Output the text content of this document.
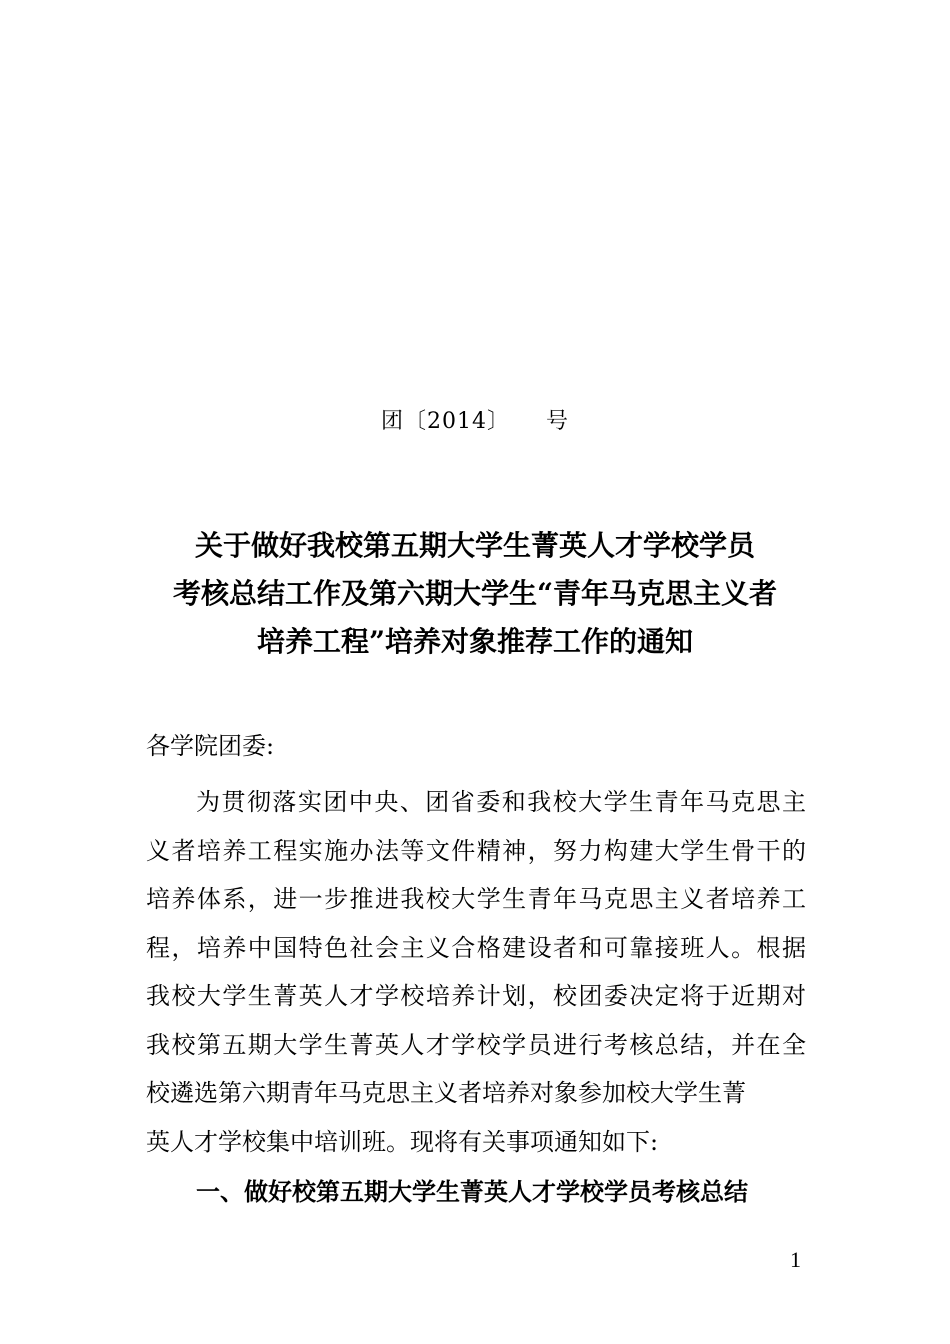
团〔2014〕 号
关于做好我校第五期大学生菁英人才学校学员
考核总结工作及第六期大学生“青年马克思主义者
培养工程”培养对象推荐工作的通知
各学院团委:
为贯彻落实团中央、团省委和我校大学生青年马克思主
义者培养工程实施办法等文件精神，努力构建大学生骨干的
培养体系，进一步推进我校大学生青年马克思主义者培养工
程，培养中国特色社会主义合格建设者和可靠接班人。根据
我校大学生菁英人才学校培养计划，校团委决定将于近期对
我校第五期大学生菁英人才学校学员进行考核总结，并在全
校遴选第六期青年马克思主义者培养对象参加校大学生菁
英人才学校集中培训班。现将有关事项通知如下:
一、做好校第五期大学生菁英人才学校学员考核总结
1
